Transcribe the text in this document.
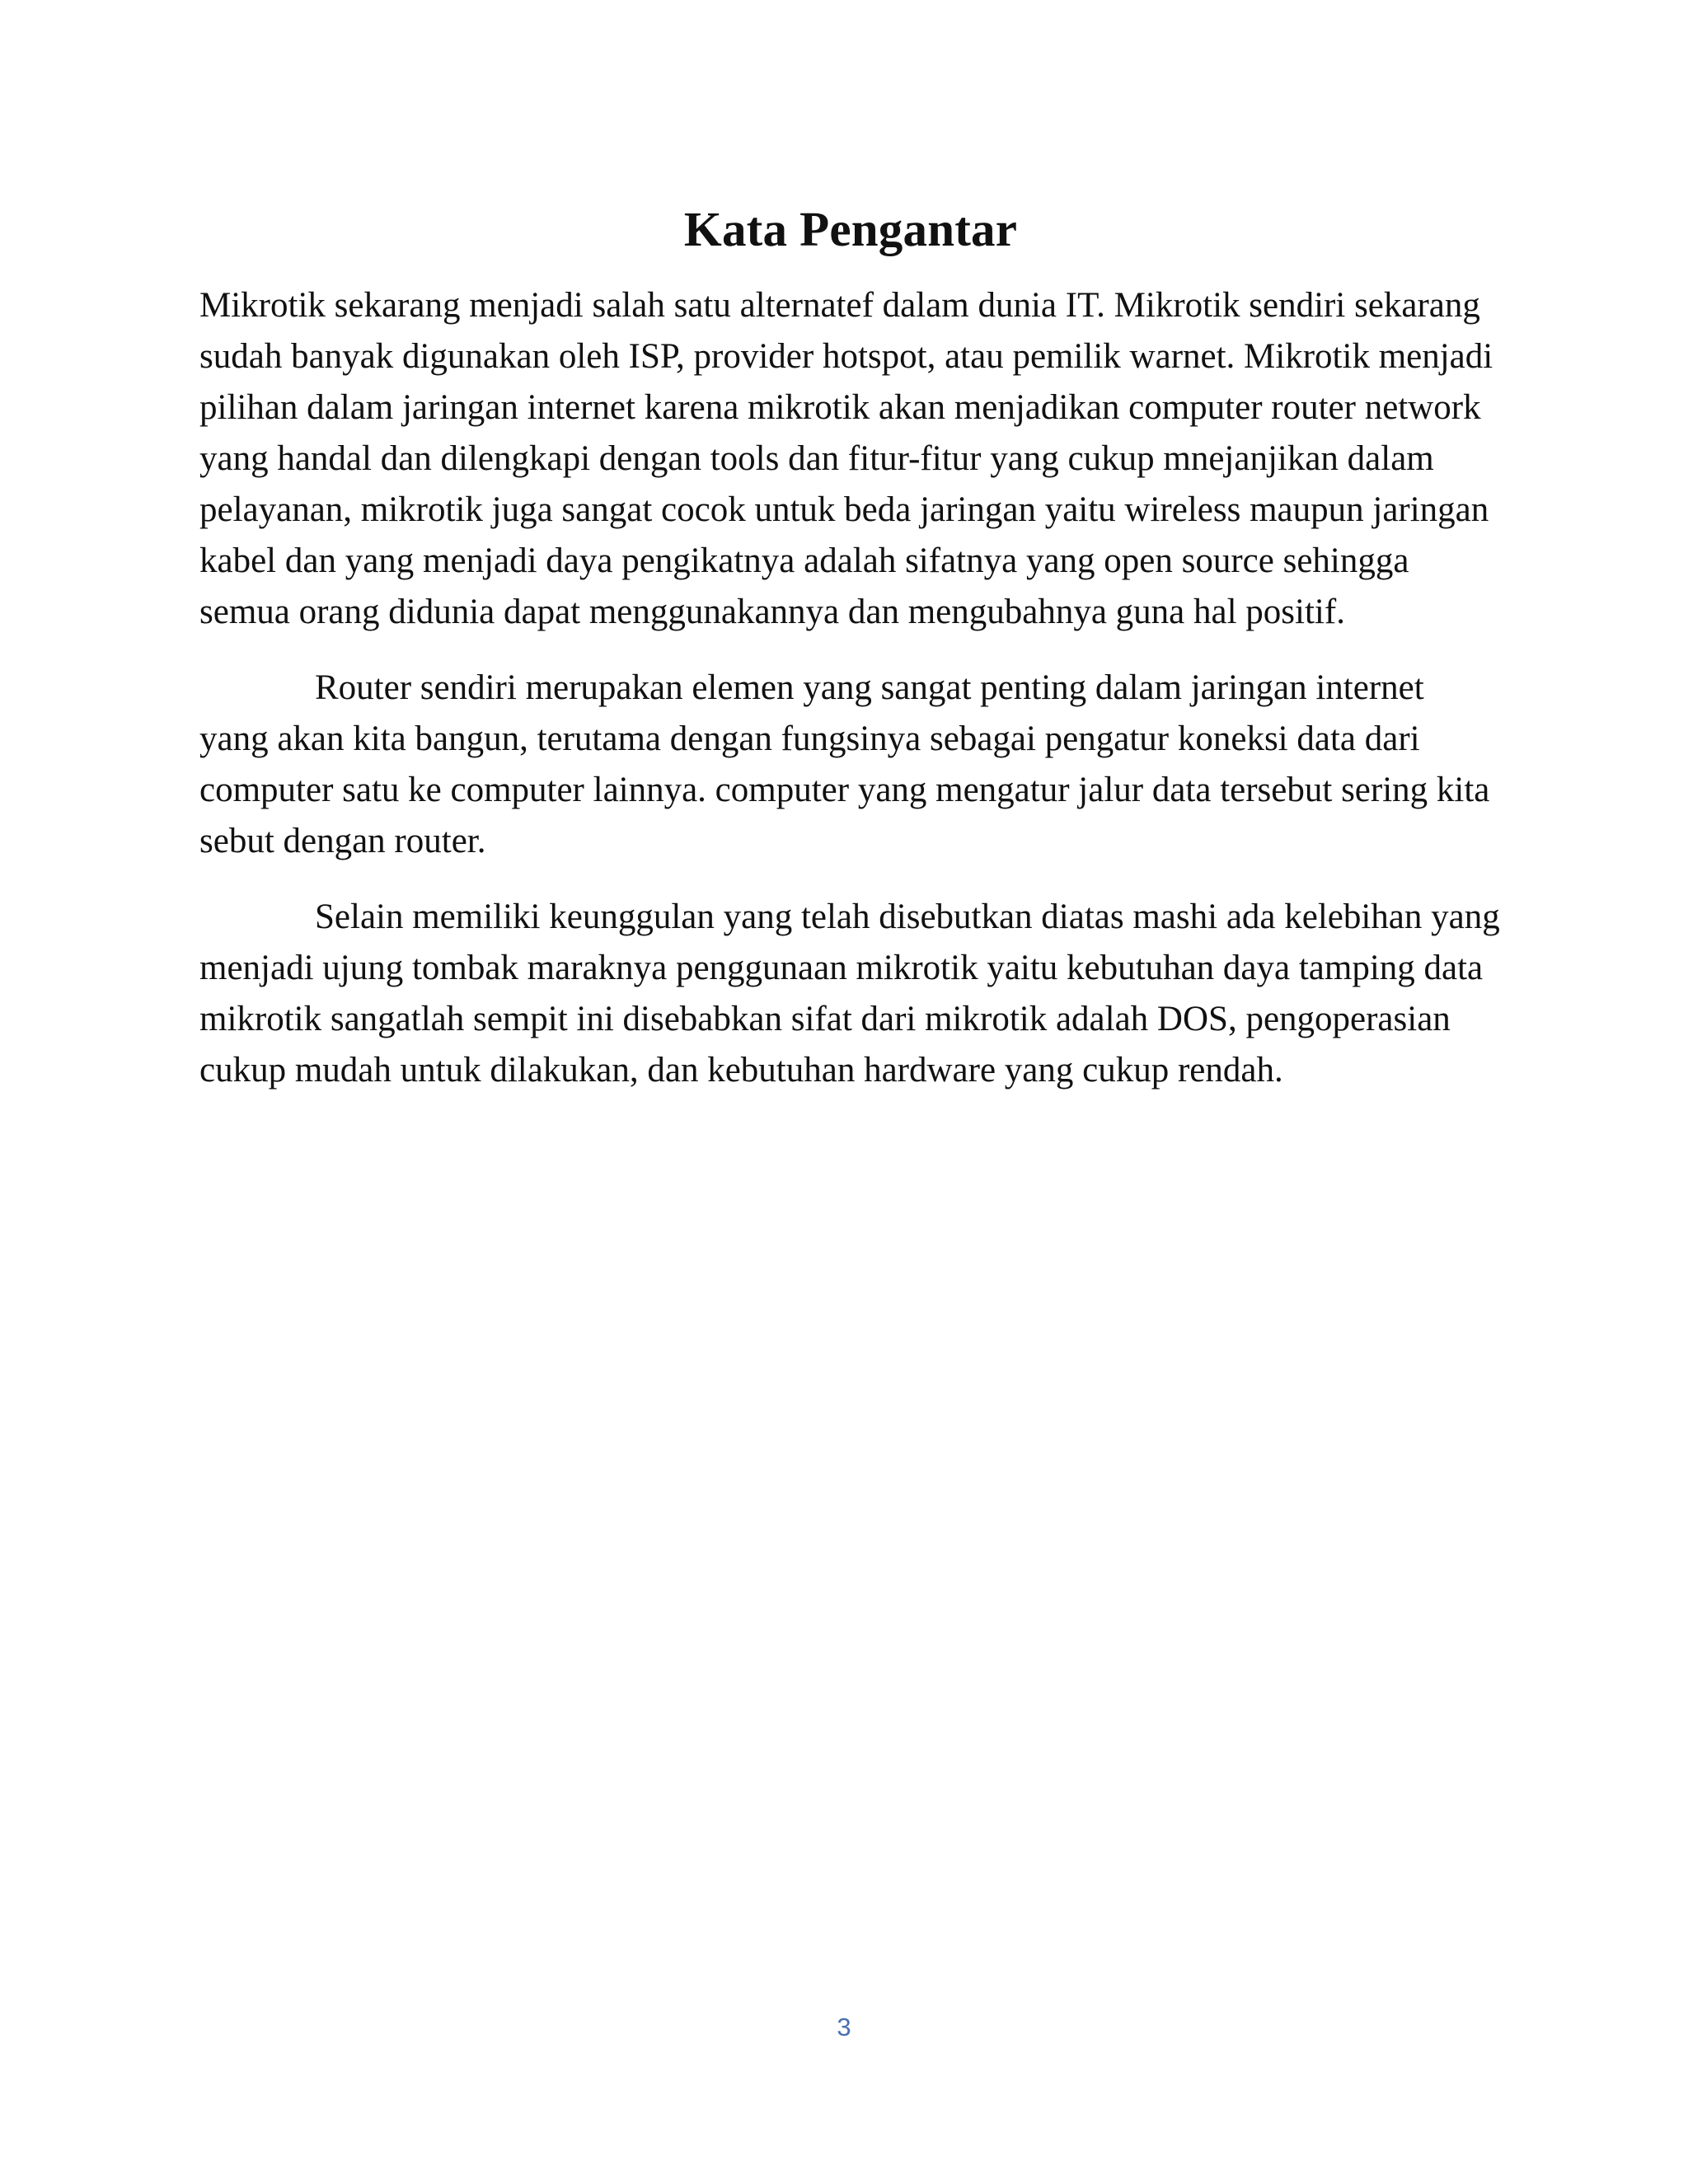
Kata Pengantar

Mikrotik sekarang menjadi salah satu alternatef dalam dunia IT. Mikrotik sendiri sekarang sudah banyak digunakan oleh ISP, provider hotspot, atau pemilik warnet. Mikrotik menjadi pilihan dalam jaringan internet karena mikrotik akan menjadikan computer router network yang handal dan dilengkapi dengan tools dan fitur-fitur yang cukup mnejanjikan dalam pelayanan, mikrotik juga sangat cocok untuk beda jaringan yaitu wireless maupun jaringan kabel dan yang menjadi daya pengikatnya adalah sifatnya yang open source sehingga semua orang didunia dapat menggunakannya dan mengubahnya guna hal positif.

Router sendiri merupakan elemen yang sangat penting dalam jaringan internet yang akan kita bangun, terutama dengan fungsinya sebagai pengatur koneksi data dari computer satu ke computer lainnya. computer yang mengatur jalur data tersebut sering kita sebut dengan router.

Selain memiliki keunggulan yang telah disebutkan diatas mashi ada kelebihan yang menjadi ujung tombak maraknya penggunaan mikrotik yaitu kebutuhan daya tamping data mikrotik sangatlah sempit ini disebabkan sifat dari mikrotik adalah DOS, pengoperasian cukup mudah untuk dilakukan, dan kebutuhan hardware yang cukup rendah.

3
